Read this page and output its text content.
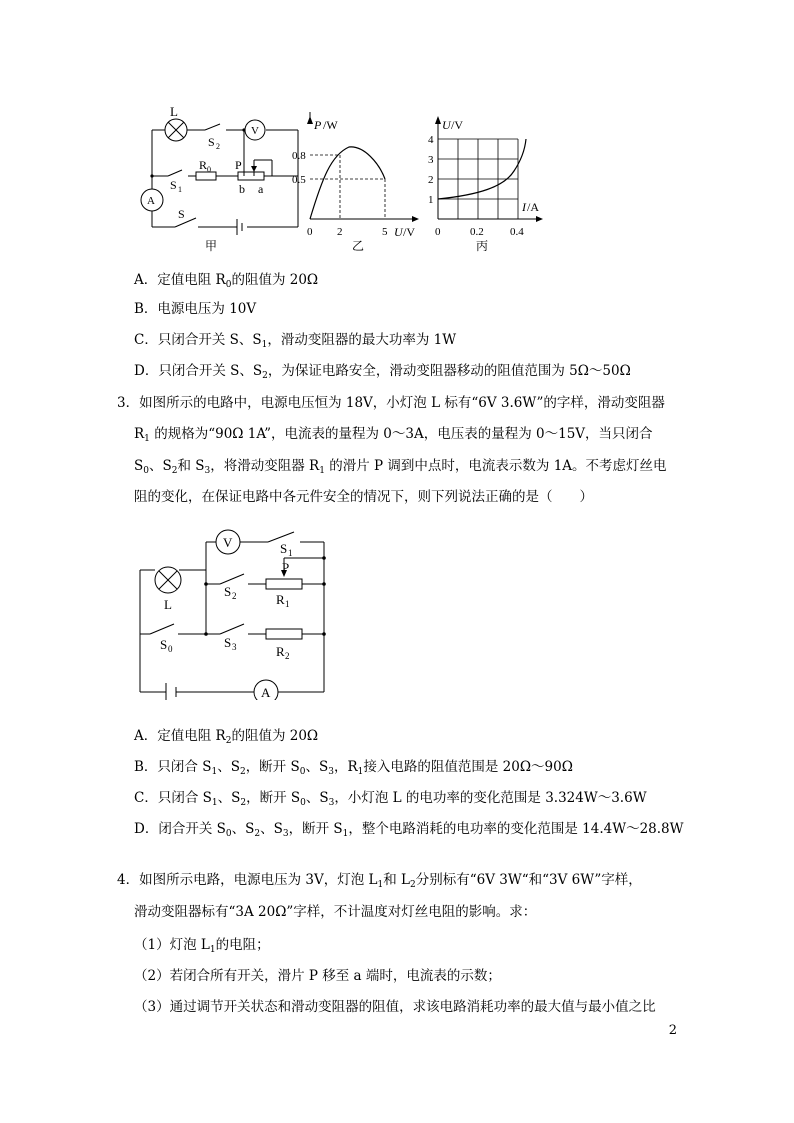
L
S 2
V
R 0 P
S 1	b a
A
S
甲
0.8
0.5
0 2	5
P /W
U /V
乙
4
3
2
1
0	0.2 0.4
U /V
I /A
丙
A．定值电阻 $R_0$的阻值为 20Ω
B．电源电压为 10V
C．只闭合开关 S、$S_1$，滑动变阻器的最大功率为 1W
D．只闭合开关 S、$S_2$，为保证电路安全，滑动变阻器移动的阻值范围为 5Ω～50Ω
3．如图所示的电路中，电源电压恒为 18V，小灯泡 L 标有“6V 3.6W”的字样，滑动变阻器
$R_1$ 的规格为“90Ω 1A”，电流表的量程为 0～3A，电压表的量程为 0～15V，当只闭合
$S_0$、$S_2$和 $S_3$，将滑动变阻器 $R_1$ 的滑片 P 调到中点时，电流表示数为 1A。不考虑灯丝电
阻的变化，在保证电路中各元件安全的情况下，则下列说法正确的是（　　）
V	S 1
P
L
S 2	R 1
S 0	S 3	R 2
A
A．定值电阻 $R_2$的阻值为 20Ω
B．只闭合 $S_1$、$S_2$，断开 $S_0$、$S_3$，$R_1$接入电路的阻值范围是 20Ω～90Ω
C．只闭合 $S_1$、$S_2$，断开 $S_0$、$S_3$，小灯泡 L 的电功率的变化范围是 3.324W～3.6W
D．闭合开关 $S_0$、$S_2$、$S_3$，断开 $S_1$，整个电路消耗的电功率的变化范围是 14.4W～28.8W
4．如图所示电路，电源电压为 3V，灯泡 $L_1$和 $L_2$分别标有“6V 3W“和“3V 6W”字样，
滑动变阻器标有“3A 20Ω”字样，不计温度对灯丝电阻的影响。求：
（1）灯泡 $L_1$的电阻；
（2）若闭合所有开关，滑片 P 移至 a 端时，电流表的示数；
（3）通过调节开关状态和滑动变阻器的阻值，求该电路消耗功率的最大值与最小值之比
2
